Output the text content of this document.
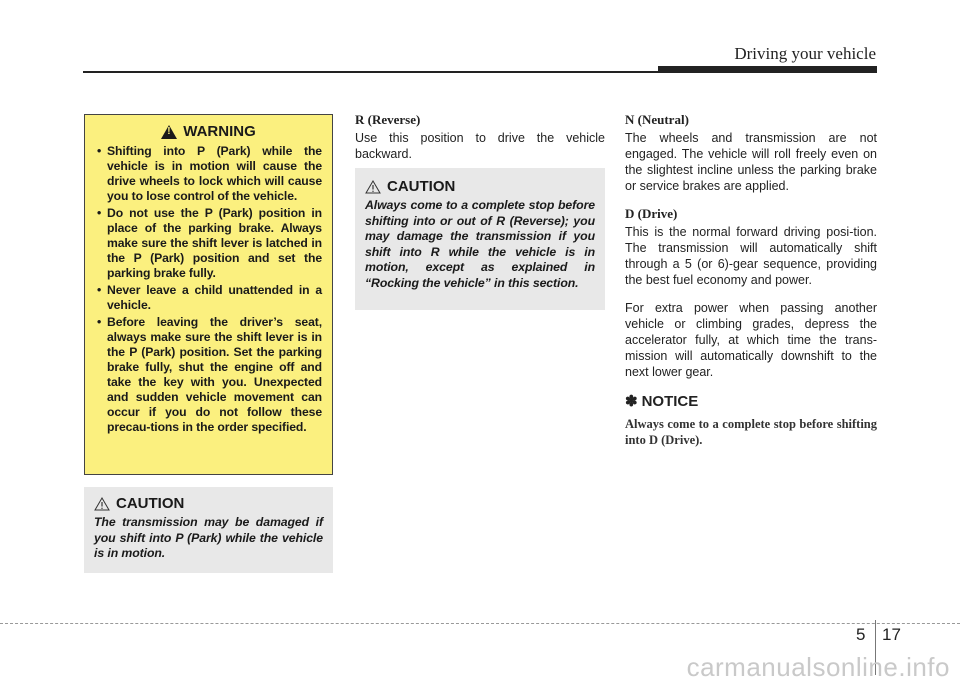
Driving your vehicle
!
WARNING
• Shifting into P (Park) while the vehicle is in motion will cause the drive wheels to lock which will cause you to lose control of the vehicle.
• Do not use the P (Park) position in place of the parking brake. Always make sure the shift lever is latched in the P (Park) position and set the parking brake fully.
• Never leave a child unattended in a vehicle.
• Before leaving the driver’s seat, always make sure the shift lever is in the P (Park) position. Set the parking brake fully, shut the engine off and take the key with you. Unexpected and sudden vehicle movement can occur if you do not follow these precau-tions in the order specified.
CAUTION
The transmission may be damaged if you shift into P (Park) while the vehicle is in motion.
R (Reverse)
Use this position to drive the vehicle backward.
CAUTION
Always come to a complete stop before shifting into or out of R (Reverse); you may damage the transmission if you shift into R while the vehicle is in motion, except as explained in “Rocking the vehicle” in this section.
N (Neutral)

The wheels and transmission are not engaged. The vehicle will roll freely even on the slightest incline unless the parking brake or service brakes are applied.

D (Drive)

This is the normal forward driving posi-tion. The transmission will automatically shift through a 5 (or 6)-gear sequence, providing the best fuel economy and power.

For extra power when passing another vehicle or climbing grades, depress the accelerator fully, at which time the trans-mission will automatically downshift to the next lower gear.

✽ NOTICE
Always come to a complete stop before shifting into D (Drive).
5 17
carmanualsonline.info
